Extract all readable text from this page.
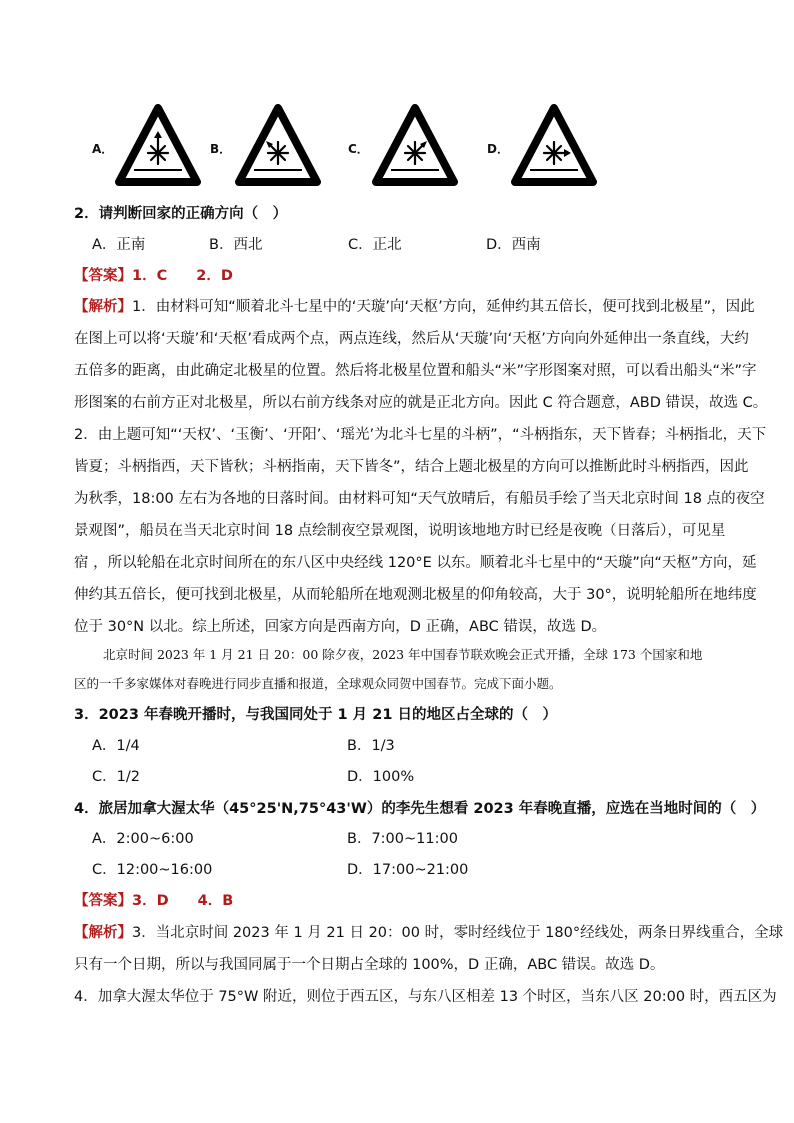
A．	B．	C．	D．
2．请判断回家的正确方向（　）
A．正南	B．西北	C．正北	D．西南
【答案】1．C　　2．D
【解析】1．由材料可知“顺着北斗七星中的‘天璇’向‘天枢’方向，延伸约其五倍长，便可找到北极星”，因此
在图上可以将‘天璇’和‘天枢’看成两个点，两点连线，然后从‘天璇’向‘天枢’方向向外延伸出一条直线，大约
五倍多的距离，由此确定北极星的位置。然后将北极星位置和船头“米”字形图案对照，可以看出船头“米”字
形图案的右前方正对北极星，所以右前方线条对应的就是正北方向。因此 C 符合题意，ABD 错误，故选 C。
2．由上题可知“‘天权’、‘玉衡’、‘开阳’、‘瑶光’为北斗七星的斗柄”，“斗柄指东，天下皆春；斗柄指北，天下
皆夏；斗柄指西，天下皆秋；斗柄指南，天下皆冬”，结合上题北极星的方向可以推断此时斗柄指西，因此
为秋季，18:00 左右为各地的日落时间。由材料可知“天气放晴后，有船员手绘了当天北京时间 18 点的夜空
景观图”，船员在当天北京时间 18 点绘制夜空景观图，说明该地地方时已经是夜晚（日落后），可见星
宿 ，所以轮船在北京时间所在的东八区中央经线 120°E 以东。顺着北斗七星中的“天璇”向“天枢”方向，延
伸约其五倍长，便可找到北极星，从而轮船所在地观测北极星的仰角较高，大于 30°，说明轮船所在地纬度
位于 30°N 以北。综上所述，回家方向是西南方向，D 正确，ABC 错误，故选 D。
北京时间 2023 年 1 月 21 日 20：00 除夕夜，2023 年中国春节联欢晚会正式开播，全球 173 个国家和地
区的一千多家媒体对春晚进行同步直播和报道，全球观众同贺中国春节。完成下面小题。
3．2023 年春晚开播时，与我国同处于 1 月 21 日的地区占全球的（　）
A．1/4	B．1/3
C．1/2	D．100%
4．旅居加拿大渥太华（45°25'N,75°43'W）的李先生想看 2023 年春晚直播，应选在当地时间的（　）
A．2:00~6:00	B．7:00~11:00
C．12:00~16:00	D．17:00~21:00
【答案】3．D　　4．B
【解析】3．当北京时间 2023 年 1 月 21 日 20：00 时，零时经线位于 180°经线处，两条日界线重合，全球
只有一个日期，所以与我国同属于一个日期占全球的 100%，D 正确，ABC 错误。故选 D。
4．加拿大渥太华位于 75°W 附近，则位于西五区，与东八区相差 13 个时区，当东八区 20:00 时，西五区为
